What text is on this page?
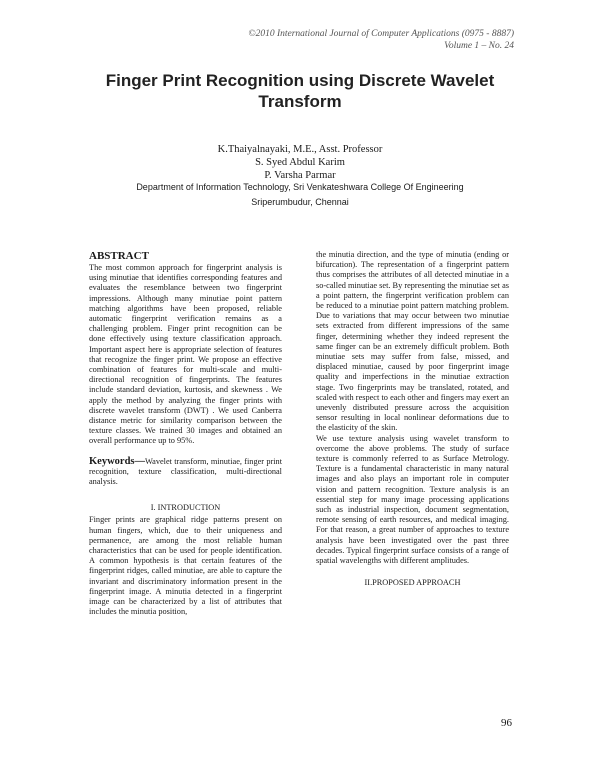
©2010 International Journal of Computer Applications (0975 - 8887)
Volume 1 – No. 24
Finger Print Recognition using Discrete Wavelet
Transform
K.Thaiyalnayaki, M.E., Asst. Professor
S. Syed Abdul Karim
P. Varsha Parmar
Department of Information Technology, Sri Venkateshwara College Of Engineering
Sriperumbudur, Chennai
ABSTRACT

The most common approach for fingerprint analysis is using minutiae that identifies corresponding features and evaluates the resemblance between two fingerprint impressions. Although many minutiae point pattern matching algorithms have been proposed, reliable automatic fingerprint verification remains as a challenging problem. Finger print recognition can be done effectively using texture classification approach. Important aspect here is appropriate selection of features that recognize the finger print. We propose an effective combination of features for multi-scale and multi-directional recognition of fingerprints. The features include standard deviation, kurtosis, and skewness . We apply the method by analyzing the finger prints with discrete wavelet transform (DWT) . We used Canberra distance metric for similarity comparison between the texture classes. We trained 30 images and obtained an overall performance up to 95%.

Keywords—Wavelet transform, minutiae, finger print recognition, texture classification, multi-directional analysis.

I. INTRODUCTION

Finger prints are graphical ridge patterns present on human fingers, which, due to their uniqueness and permanence, are among the most reliable human characteristics that can be used for people identification. A common hypothesis is that certain features of the fingerprint ridges, called minutiae, are able to capture the invariant and discriminatory information present in the fingerprint image. A minutia detected in a fingerprint image can be characterized by a list of attributes that includes the minutia position,

the minutia direction, and the type of minutia (ending or bifurcation). The representation of a fingerprint pattern thus comprises the attributes of all detected minutiae in a so-called minutiae set. By representing the minutiae set as a point pattern, the fingerprint verification problem can be reduced to a minutiae point pattern matching problem. Due to variations that may occur between two minutiae sets extracted from different impressions of the same finger, determining whether they indeed represent the same finger can be an extremely difficult problem. Both minutiae sets may suffer from false, missed, and displaced minutiae, caused by poor fingerprint image quality and imperfections in the minutiae extraction stage. Two fingerprints may be translated, rotated, and scaled with respect to each other and fingers may exert an unevenly distributed pressure across the acquisition sensor resulting in local nonlinear deformations due to the elasticity of the skin.

We use texture analysis using wavelet transform to overcome the above problems. The study of surface texture is commonly referred to as Surface Metrology. Texture is a fundamental characteristic in many natural images and also plays an important role in computer vision and pattern recognition. Texture analysis is an essential step for many image processing applications such as industrial inspection, document segmentation, remote sensing of earth resources, and medical imaging. For that reason, a great number of approaches to texture analysis have been investigated over the past three decades. Typical fingerprint surface consists of a range of spatial wavelengths with different amplitudes.

II.PROPOSED APPROACH
96
